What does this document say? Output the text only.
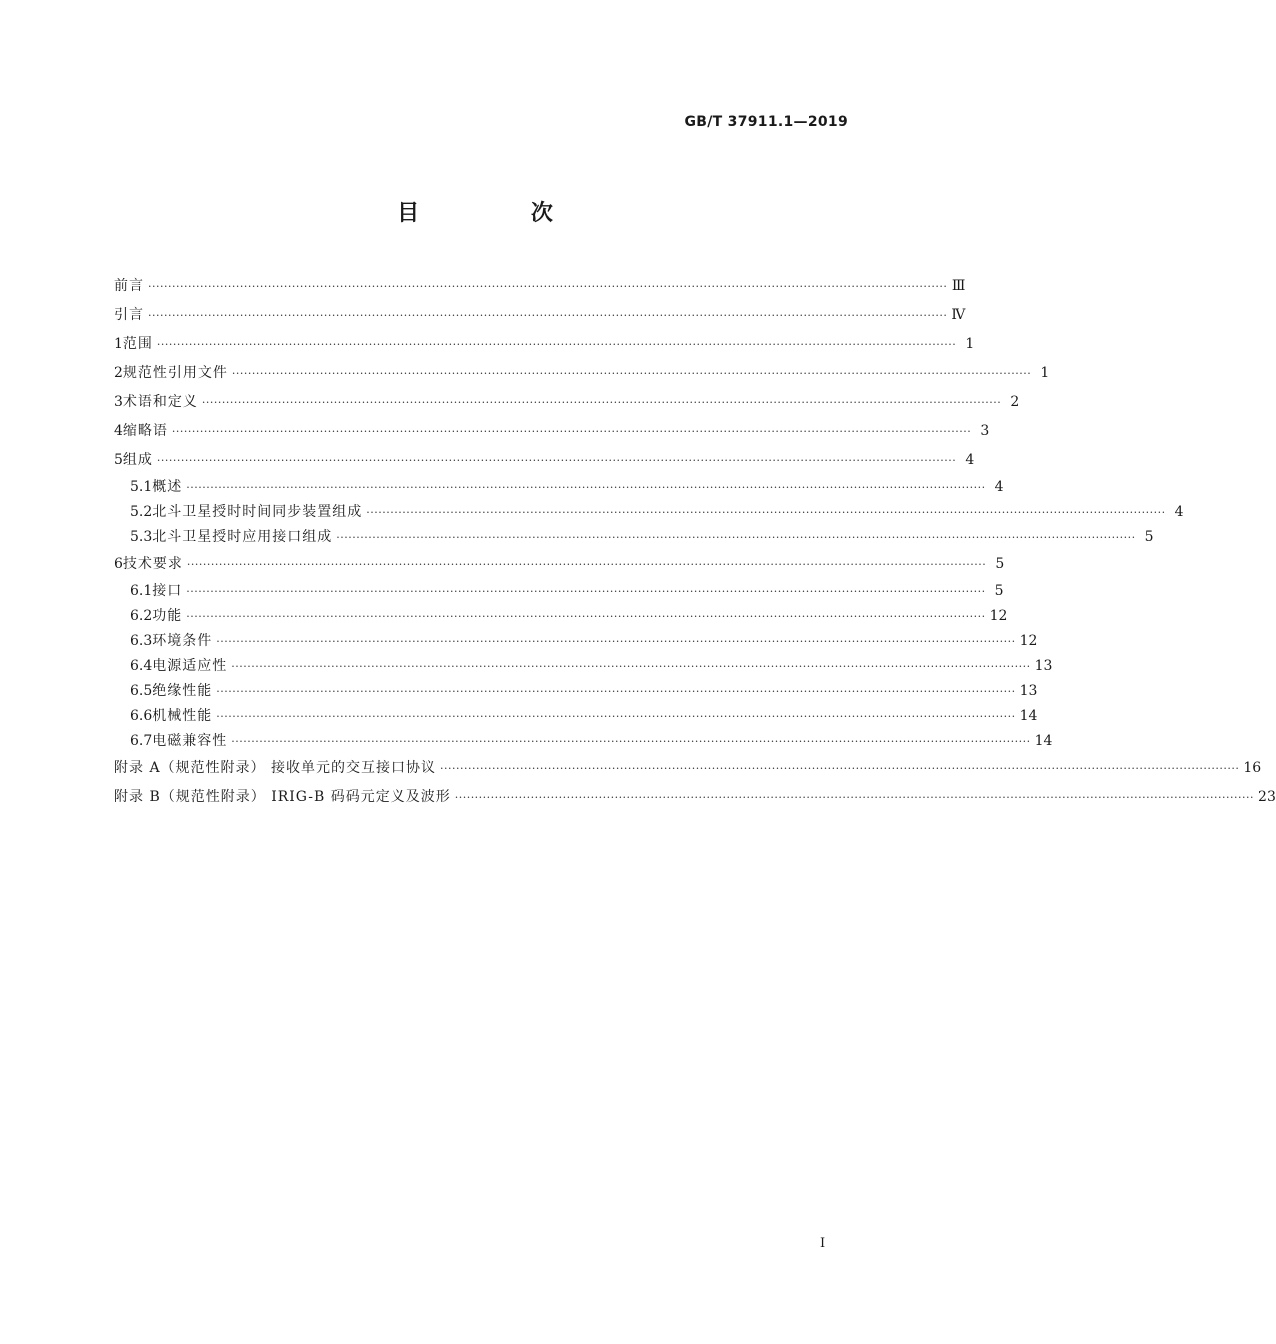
GB/T 37911.1—2019
目 次
前言 ········································································································································································································ Ⅲ
引言 ········································································································································································································ Ⅳ
1 范围 ········································································································································································································ 1
2 规范性引用文件 ········································································································································································································ 1
3 术语和定义 ········································································································································································································ 2
4 缩略语 ········································································································································································································ 3
5 组成 ········································································································································································································ 4
5.1 概述 ········································································································································································································ 4
5.2 北斗卫星授时时间同步装置组成 ········································································································································································································ 4
5.3 北斗卫星授时应用接口组成 ········································································································································································································ 5
6 技术要求 ········································································································································································································ 5
6.1 接口 ········································································································································································································ 5
6.2 功能 ········································································································································································································ 12
6.3 环境条件 ········································································································································································································ 12
6.4 电源适应性 ········································································································································································································ 13
6.5 绝缘性能 ········································································································································································································ 13
6.6 机械性能 ········································································································································································································ 14
6.7 电磁兼容性 ········································································································································································································ 14
附录 A（规范性附录） 接收单元的交互接口协议 ········································································································································································································ 16
附录 B（规范性附录） IRIG-B 码码元定义及波形 ········································································································································································································ 23
Ⅰ
